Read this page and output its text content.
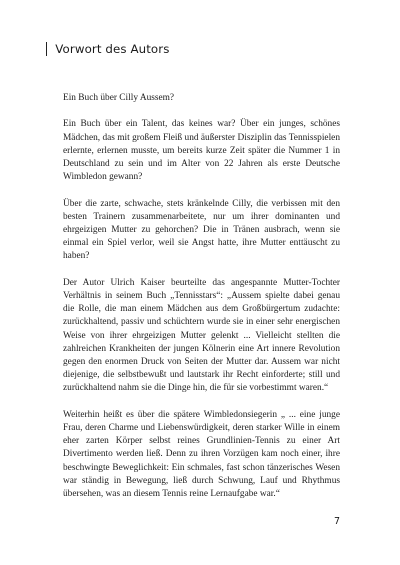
Vorwort des Autors

Ein Buch über Cilly Aussem?

Ein Buch über ein Talent, das keines war? Über ein junges, schönes Mädchen, das mit großem Fleiß und äußerster Disziplin das Tennisspielen erlernte, erlernen musste, um bereits kurze Zeit später die Nummer 1 in Deutschland zu sein und im Alter von 22 Jahren als erste Deutsche Wimbledon gewann?

Über die zarte, schwache, stets kränkelnde Cilly, die verbissen mit den besten Trainern zusammenarbeitete, nur um ihrer dominanten und ehrgeizigen Mutter zu gehorchen? Die in Tränen ausbrach, wenn sie einmal ein Spiel verlor, weil sie Angst hatte, ihre Mutter enttäuscht zu haben?

Der Autor Ulrich Kaiser beurteilte das angespannte Mutter-Tochter Verhältnis in seinem Buch „Tennisstars“: „Aussem spielte dabei genau die Rolle, die man einem Mädchen aus dem Großbürgertum zudachte: zurückhaltend, passiv und schüchtern wurde sie in einer sehr energischen Weise von ihrer ehrgeizigen Mutter gelenkt ... Vielleicht stellten die zahlreichen Krankheiten der jungen Kölnerin eine Art innere Revolution gegen den enormen Druck von Seiten der Mutter dar. Aussem war nicht diejenige, die selbstbewußt und lautstark ihr Recht einforderte; still und zurückhaltend nahm sie die Dinge hin, die für sie vorbestimmt waren.“

Weiterhin heißt es über die spätere Wimbledonsiegerin „ ... eine junge Frau, deren Charme und Liebenswürdigkeit, deren starker Wille in einem eher zarten Körper selbst reines Grundlinien-Tennis zu einer Art Divertimento werden ließ. Denn zu ihren Vorzügen kam noch einer, ihre beschwingte Beweglichkeit: Ein schmales, fast schon tänzerisches Wesen war ständig in Bewegung, ließ durch Schwung, Lauf und Rhythmus übersehen, was an diesem Tennis reine Lernaufgabe war.“

7
